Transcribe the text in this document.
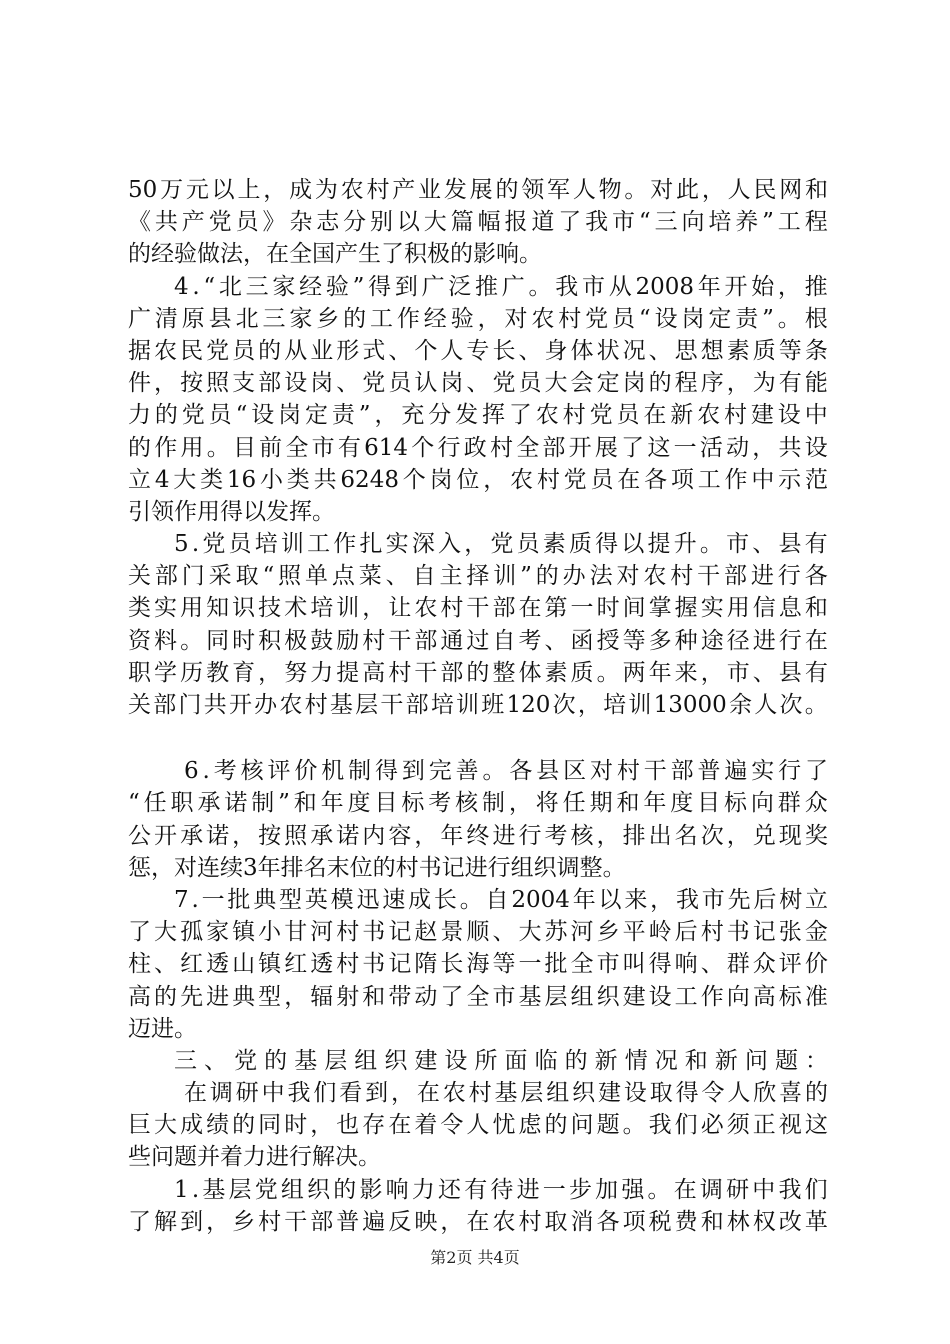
50 万 元 以 上 ， 成 为 农 村 产 业 发 展 的 领 军 人 物 。 对 此 ， 人 民 网 和
《 共 产 党 员 》 杂 志 分 别 以 大 篇 幅 报 道 了 我 市 “ 三 向 培 养 ” 工 程
的经验做法，在全国产生了积极的影响。
4 . “ 北 三 家 经 验 ” 得 到 广 泛 推 广 。 我 市 从 2008 年 开 始 ， 推
广 清 原 县 北 三 家 乡 的 工 作 经 验 ， 对 农 村 党 员 “ 设 岗 定 责 ” 。 根
据 农 民 党 员 的 从 业 形 式 、 个 人 专 长 、 身 体 状 况 、 思 想 素 质 等 条
件 ， 按 照 支 部 设 岗 、 党 员 认 岗 、 党 员 大 会 定 岗 的 程 序 ， 为 有 能
力 的 党 员 “ 设 岗 定 责 ” ， 充 分 发 挥 了 农 村 党 员 在 新 农 村 建 设 中
的 作 用 。 目 前 全 市 有 614 个 行 政 村 全 部 开 展 了 这 一 活 动 ， 共 设
立 4 大 类 16 小 类 共 6248 个 岗 位 ， 农 村 党 员 在 各 项 工 作 中 示 范
引领作用得以发挥。
5 . 党 员 培 训 工 作 扎 实 深 入 ， 党 员 素 质 得 以 提 升 。 市 、 县 有
关 部 门 采 取 “ 照 单 点 菜 、 自 主 择 训 ” 的 办 法 对 农 村 干 部 进 行 各
类 实 用 知 识 技 术 培 训 ， 让 农 村 干 部 在 第 一 时 间 掌 握 实 用 信 息 和
资 料 。 同 时 积 极 鼓 励 村 干 部 通 过 自 考 、 函 授 等 多 种 途 径 进 行 在
职 学 历 教 育 ， 努 力 提 高 村 干 部 的 整 体 素 质 。 两 年 来 ， 市 、 县 有
关 部 门 共 开 办 农 村 基 层 干 部 培 训 班 120 次 ， 培 训 13000 余 人 次 。
6 . 考 核 评 价 机 制 得 到 完 善 。 各 县 区 对 村 干 部 普 遍 实 行 了
“ 任 职 承 诺 制 ” 和 年 度 目 标 考 核 制 ， 将 任 期 和 年 度 目 标 向 群 众
公 开 承 诺 ， 按 照 承 诺 内 容 ， 年 终 进 行 考 核 ， 排 出 名 次 ， 兑 现 奖
惩，对连续3年排名末位的村书记进行组织调整。
7 . 一 批 典 型 英 模 迅 速 成 长 。 自 2004 年 以 来 ， 我 市 先 后 树 立
了 大 孤 家 镇 小 甘 河 村 书 记 赵 景 顺 、 大 苏 河 乡 平 岭 后 村 书 记 张 金
柱 、 红 透 山 镇 红 透 村 书 记 隋 长 海 等 一 批 全 市 叫 得 响 、 群 众 评 价
高 的 先 进 典 型 ， 辐 射 和 带 动 了 全 市 基 层 组 织 建 设 工 作 向 高 标 准
迈进。
三 、 党 的 基 层 组 织 建 设 所 面 临 的 新 情 况 和 新 问 题 ：
在 调 研 中 我 们 看 到 ， 在 农 村 基 层 组 织 建 设 取 得 令 人 欣 喜 的
巨 大 成 绩 的 同 时 ， 也 存 在 着 令 人 忧 虑 的 问 题 。 我 们 必 须 正 视 这
些问题并着力进行解决。
1 . 基 层 党 组 织 的 影 响 力 还 有 待 进 一 步 加 强 。 在 调 研 中 我 们
了 解 到 ， 乡 村 干 部 普 遍 反 映 ， 在 农 村 取 消 各 项 税 费 和 林 权 改 革
第2页 共4页
